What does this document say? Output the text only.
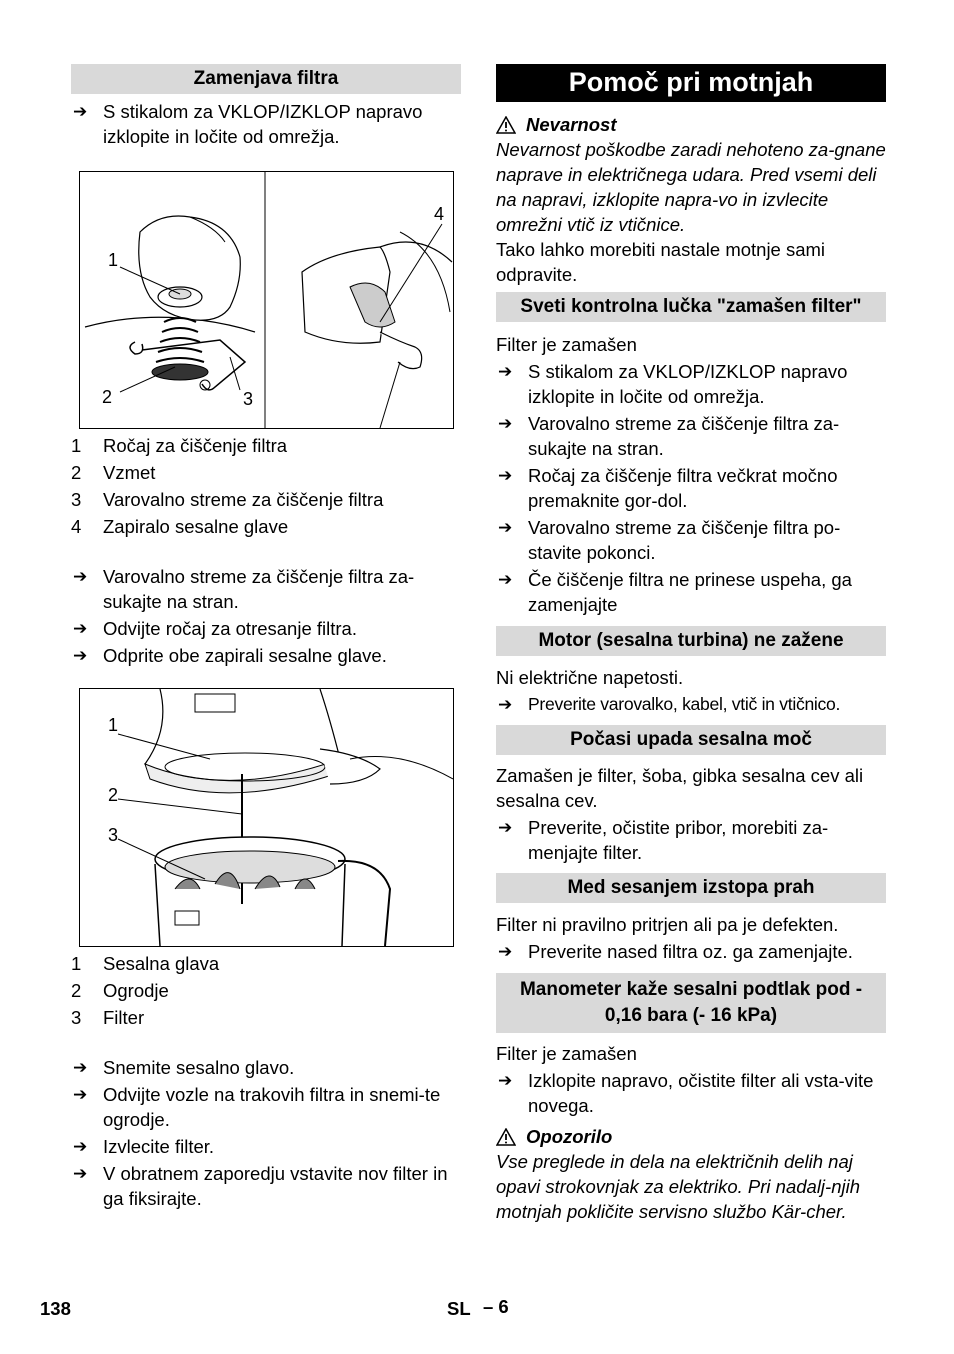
Zamenjava filtra
➔ S stikalom za VKLOP/IZKLOP napravo izklopite in ločite od omrežja.
1
2	3
4
1	Ročaj za čiščenje filtra
2	Vzmet
3	Varovalno streme za čiščenje filtra
4	Zapiralo sesalne glave
➔ Varovalno streme za čiščenje filtra za-sukajte na stran.
➔ Odvijte ročaj za otresanje filtra.
➔ Odprite obe zapirali sesalne glave.
1
2
3
1	Sesalna glava
2	Ogrodje
3	Filter
➔ Snemite sesalno glavo.
➔ Odvijte vozle na trakovih filtra in snemi-te ogrodje.
➔ Izvlecite filter.
➔ V obratnem zaporedju vstavite nov filter in ga fiksirajte.
Pomoč pri motnjah
Nevarnost

Nevarnost poškodbe zaradi nehoteno za-gnane naprave in električnega udara. Pred vsemi deli na napravi, izklopite napra-vo in izvlecite omrežni vtič iz vtičnice.

Tako lahko morebiti nastale motnje sami odpravite.

Sveti kontrolna lučka "zamašen filter"

Filter je zamašen

➔ S stikalom za VKLOP/IZKLOP napravo izklopite in ločite od omrežja.
➔ Varovalno streme za čiščenje filtra za-sukajte na stran.
➔ Ročaj za čiščenje filtra večkrat močno premaknite gor-dol.
➔ Varovalno streme za čiščenje filtra po-stavite pokonci.
➔ Če čiščenje filtra ne prinese uspeha, ga zamenjajte
Motor (sesalna turbina) ne zažene

Ni električne napetosti.

➔ Preverite varovalko, kabel, vtič in vtičnico.
Počasi upada sesalna moč

Zamašen je filter, šoba, gibka sesalna cev ali sesalna cev.

➔ Preverite, očistite pribor, morebiti za-menjajte filter.
Med sesanjem izstopa prah

Filter ni pravilno pritrjen ali pa je defekten.

➔ Preverite nased filtra oz. ga zamenjajte.
Manometer kaže sesalni podtlak pod - 0,16 bara (- 16 kPa)

Filter je zamašen

➔ Izklopite napravo, očistite filter ali vsta-vite novega.
Opozorilo

Vse preglede in dela na električnih delih naj opavi strokovnjak za elektriko. Pri nadalj-njih motnjah pokličite servisno službo Kär-cher.

138	SL – 6
